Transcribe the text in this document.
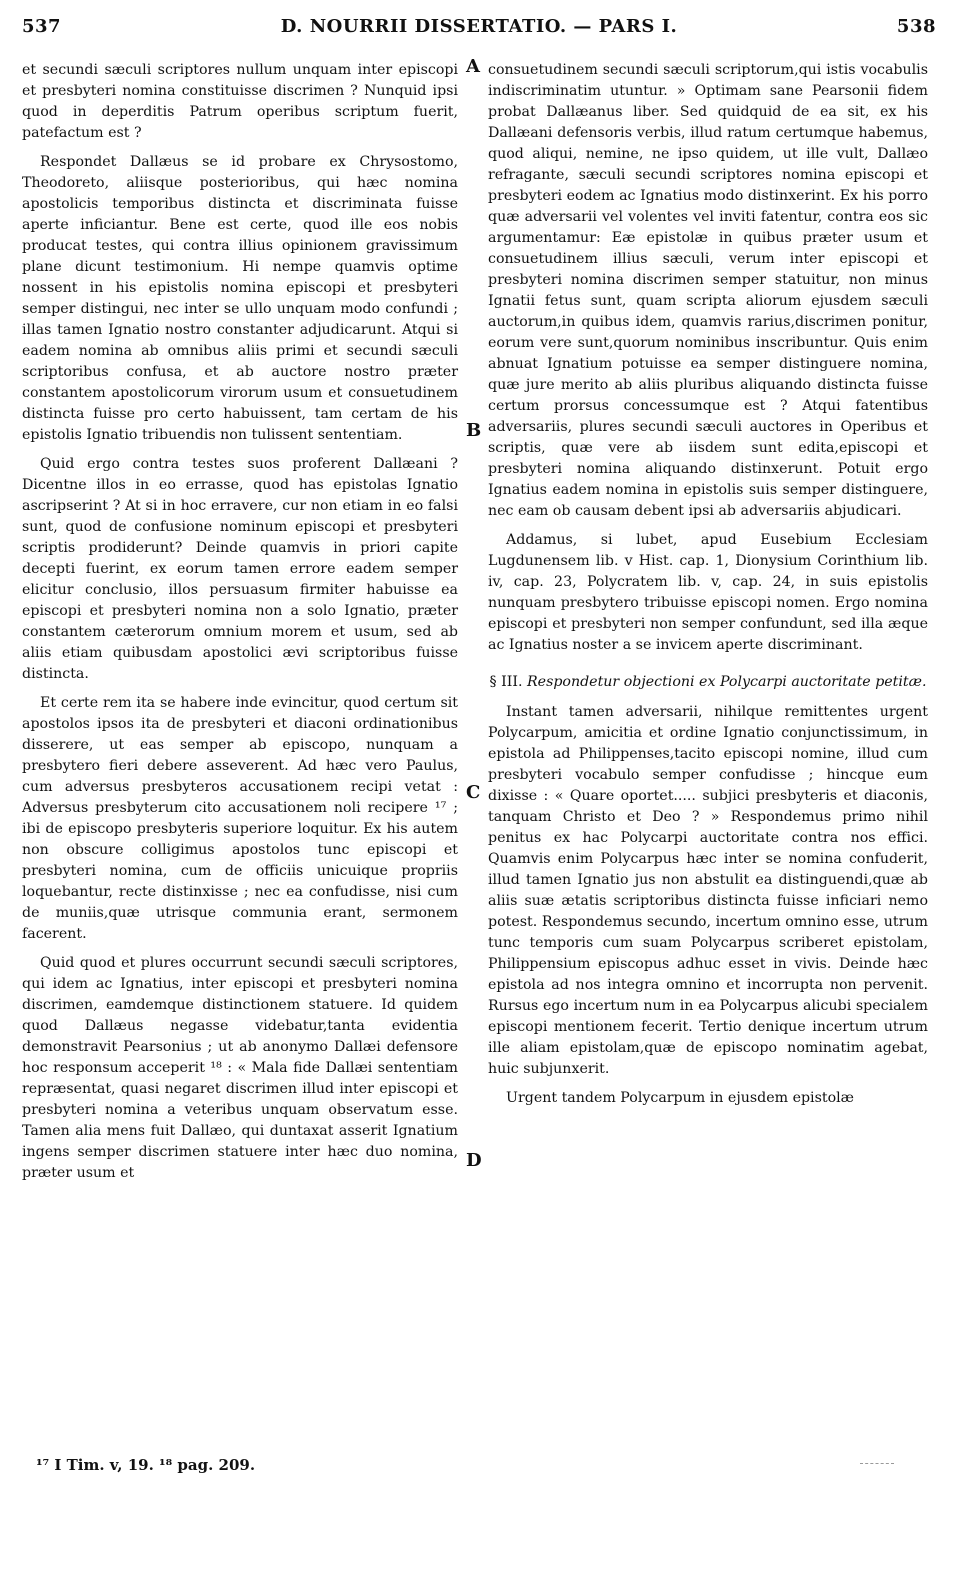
537	D. NOURRII DISSERTATIO. — PARS I.	538

et secundi sæculi scriptores nullum unquam inter episcopi et presbyteri nomina constituisse discrimen ? Nunquid ipsi quod in deperditis Patrum operibus scriptum fuerit, patefactum est ?

Respondet Dallæus se id probare ex Chrysostomo, Theodoreto, aliisque posterioribus, qui hæc nomina apostolicis temporibus distincta et discriminata fuisse aperte inficiantur. Bene est certe, quod ille eos nobis producat testes, qui contra illius opinionem gravissimum plane dicunt testimonium. Hi nempe quamvis optime nossent in his epistolis nomina episcopi et presbyteri semper distingui, nec inter se ullo unquam modo confundi ; illas tamen Ignatio nostro constanter adjudicarunt. Atqui si eadem nomina ab omnibus aliis primi et secundi sæculi scriptoribus confusa, et ab auctore nostro præter constantem apostolicorum virorum usum et consuetudinem distincta fuisse pro certo habuissent, tam certam de his epistolis Ignatio tribuendis non tulissent sententiam.

Quid ergo contra testes suos proferent Dallæani ? Dicentne illos in eo errasse, quod has epistolas Ignatio ascripserint ? At si in hoc erravere, cur non etiam in eo falsi sunt, quod de confusione nominum episcopi et presbyteri scriptis prodiderunt? Deinde quamvis in priori capite decepti fuerint, ex eorum tamen errore eadem semper elicitur conclusio, illos persuasum firmiter habuisse ea episcopi et presbyteri nomina non a solo Ignatio, præter constantem cæterorum omnium morem et usum, sed ab aliis etiam quibusdam apostolici ævi scriptoribus fuisse distincta.

Et certe rem ita se habere inde evincitur, quod certum sit apostolos ipsos ita de presbyteri et diaconi ordinationibus disserere, ut eas semper ab episcopo, nunquam a presbytero fieri debere asseverent. Ad hæc vero Paulus, cum adversus presbyteros accusationem recipi vetat : Adversus presbyterum cito accusationem noli recipere ¹⁷ ; ibi de episcopo presbyteris superiore loquitur. Ex his autem non obscure colligimus apostolos tunc episcopi et presbyteri nomina, cum de officiis unicuique propriis loquebantur, recte distinxisse ; nec ea confudisse, nisi cum de muniis,quæ utrisque communia erant, sermonem facerent.

Quid quod et plures occurrunt secundi sæculi scriptores, qui idem ac Ignatius, inter episcopi et presbyteri nomina discrimen, eamdemque distinctionem statuere. Id quidem quod Dallæus negasse videbatur,tanta evidentia demonstravit Pearsonius ; ut ab anonymo Dallæi defensore hoc responsum acceperit ¹⁸ : « Mala fide Dallæi sententiam repræsentat, quasi negaret discrimen illud inter episcopi et presbyteri nomina a veteribus unquam observatum esse. Tamen alia mens fuit Dallæo, qui duntaxat asserit Ignatium ingens semper discrimen statuere inter hæc duo nomina, præter usum et

A
B
C
D

consuetudinem secundi sæculi scriptorum,qui istis vocabulis indiscriminatim utuntur. » Optimam sane Pearsonii fidem probat Dallæanus liber. Sed quidquid de ea sit, ex his Dallæani defensoris verbis, illud ratum certumque habemus, quod aliqui, nemine, ne ipso quidem, ut ille vult, Dallæo refragante, sæculi secundi scriptores nomina episcopi et presbyteri eodem ac Ignatius modo distinxerint. Ex his porro quæ adversarii vel volentes vel inviti fatentur, contra eos sic argumentamur: Eæ epistolæ in quibus præter usum et consuetudinem illius sæculi, verum inter episcopi et presbyteri nomina discrimen semper statuitur, non minus Ignatii fetus sunt, quam scripta aliorum ejusdem sæculi auctorum,in quibus idem, quamvis rarius,discrimen ponitur, eorum vere sunt,quorum nominibus inscribuntur. Quis enim abnuat Ignatium potuisse ea semper distinguere nomina, quæ jure merito ab aliis pluribus aliquando distincta fuisse certum prorsus concessumque est ? Atqui fatentibus adversariis, plures secundi sæculi auctores in Operibus et scriptis, quæ vere ab iisdem sunt edita,episcopi et presbyteri nomina aliquando distinxerunt. Potuit ergo Ignatius eadem nomina in epistolis suis semper distinguere, nec eam ob causam debent ipsi ab adversariis abjudicari.

Addamus, si lubet, apud Eusebium Ecclesiam Lugdunensem lib. v Hist. cap. 1, Dionysium Corinthium lib. iv, cap. 23, Polycratem lib. v, cap. 24, in suis epistolis nunquam presbytero tribuisse episcopi nomen. Ergo nomina episcopi et presbyteri non semper confundunt, sed illa æque ac Ignatius noster a se invicem aperte discriminant.

§ III. Respondetur objectioni ex Polycarpi auctoritate petitæ.

Instant tamen adversarii, nihilque remittentes urgent Polycarpum, amicitia et ordine Ignatio conjunctissimum, in epistola ad Philippenses,tacito episcopi nomine, illud cum presbyteri vocabulo semper confudisse ; hincque eum dixisse : « Quare oportet..... subjici presbyteris et diaconis, tanquam Christo et Deo ? » Respondemus primo nihil penitus ex hac Polycarpi auctoritate contra nos effici. Quamvis enim Polycarpus hæc inter se nomina confuderit, illud tamen Ignatio jus non abstulit ea distinguendi,quæ ab aliis suæ ætatis scriptoribus distincta fuisse inficiari nemo potest. Respondemus secundo, incertum omnino esse, utrum tunc temporis cum suam Polycarpus scriberet epistolam, Philippensium episcopus adhuc esset in vivis. Deinde hæc epistola ad nos integra omnino et incorrupta non pervenit. Rursus ego incertum num in ea Polycarpus alicubi specialem episcopi mentionem fecerit. Tertio denique incertum utrum ille aliam epistolam,quæ de episcopo nominatim agebat, huic subjunxerit.

Urgent tandem Polycarpum in ejusdem epistolæ

¹⁷ I Tim. v, 19. ¹⁸ pag. 209.
